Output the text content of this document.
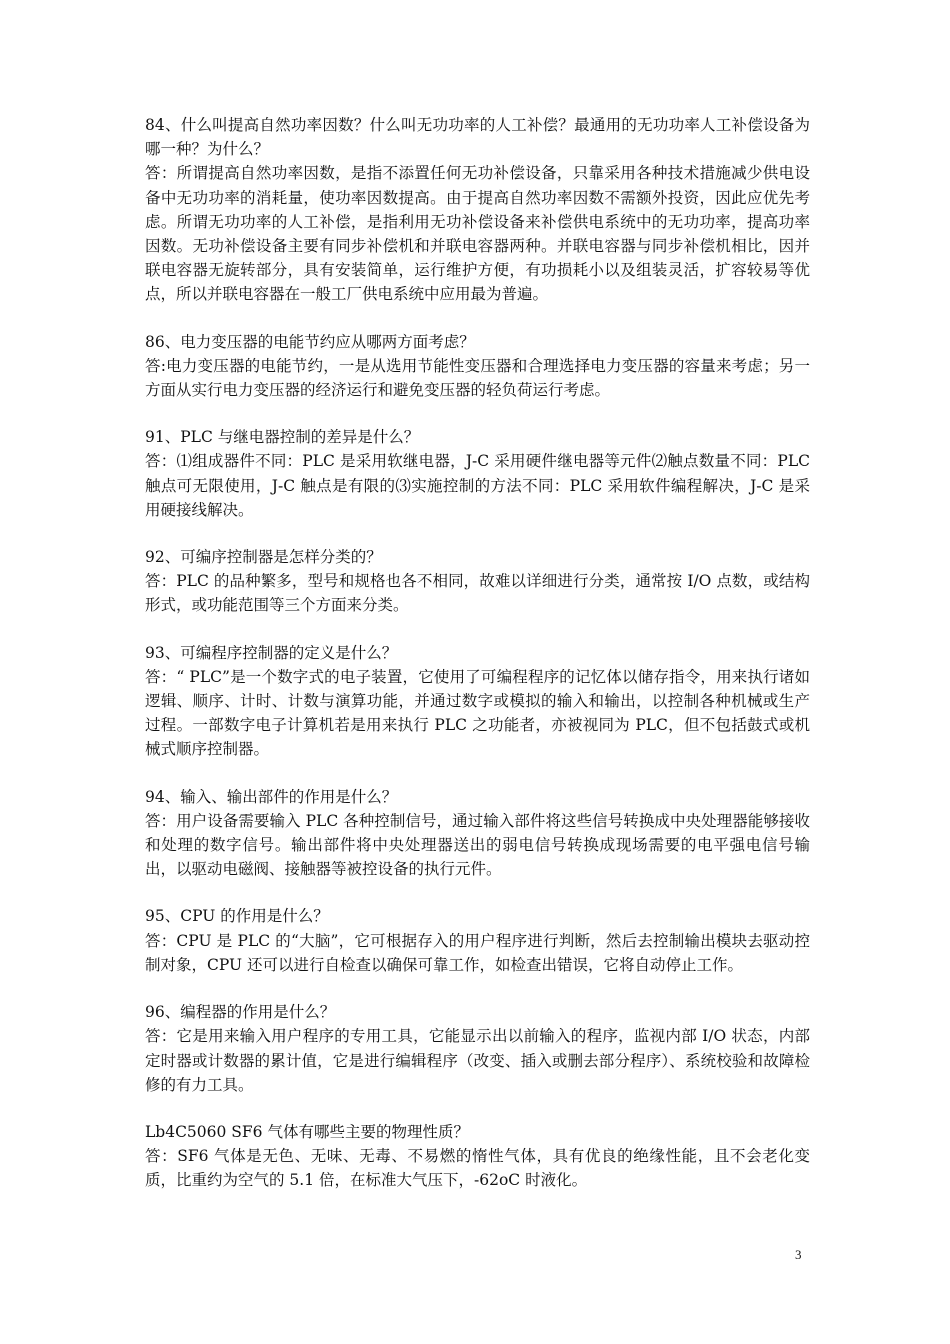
84、什么叫提高自然功率因数？什么叫无功功率的人工补偿？最通用的无功功率人工补偿设备为哪一种？为什么？

答：所谓提高自然功率因数，是指不添置任何无功补偿设备，只靠采用各种技术措施减少供电设备中无功功率的消耗量，使功率因数提高。由于提高自然功率因数不需额外投资，因此应优先考虑。所谓无功功率的人工补偿，是指利用无功补偿设备来补偿供电系统中的无功功率，提高功率因数。无功补偿设备主要有同步补偿机和并联电容器两种。并联电容器与同步补偿机相比，因并联电容器无旋转部分，具有安装简单，运行维护方便，有功损耗小以及组装灵活，扩容较易等优点，所以并联电容器在一般工厂供电系统中应用最为普遍。

86、电力变压器的电能节约应从哪两方面考虑？

答:电力变压器的电能节约，一是从选用节能性变压器和合理选择电力变压器的容量来考虑；另一方面从实行电力变压器的经济运行和避免变压器的轻负荷运行考虑。

91、PLC 与继电器控制的差异是什么？

答：⑴组成器件不同：PLC 是采用软继电器，J-C 采用硬件继电器等元件⑵触点数量不同：PLC 触点可无限使用，J-C 触点是有限的⑶实施控制的方法不同：PLC 采用软件编程解决，J-C 是采用硬接线解决。

92、可编序控制器是怎样分类的？

答：PLC 的品种繁多，型号和规格也各不相同，故难以详细进行分类，通常按 I/O 点数，或结构形式，或功能范围等三个方面来分类。

93、可编程序控制器的定义是什么？

答：“ PLC”是一个数字式的电子装置，它使用了可编程程序的记忆体以储存指令，用来执行诸如逻辑、顺序、计时、计数与演算功能，并通过数字或模拟的输入和输出，以控制各种机械或生产过程。一部数字电子计算机若是用来执行 PLC 之功能者，亦被视同为 PLC，但不包括鼓式或机械式顺序控制器。

94、输入、输出部件的作用是什么？

答：用户设备需要输入 PLC 各种控制信号，通过输入部件将这些信号转换成中央处理器能够接收和处理的数字信号。输出部件将中央处理器送出的弱电信号转换成现场需要的电平强电信号输出，以驱动电磁阀、接触器等被控设备的执行元件。

95、CPU 的作用是什么？

答：CPU 是 PLC 的“大脑”，它可根据存入的用户程序进行判断，然后去控制输出模块去驱动控制对象，CPU 还可以进行自检查以确保可靠工作，如检查出错误，它将自动停止工作。

96、编程器的作用是什么？

答：它是用来输入用户程序的专用工具，它能显示出以前输入的程序，监视内部 I/O 状态，内部定时器或计数器的累计值，它是进行编辑程序（改变、插入或删去部分程序）、系统校验和故障检修的有力工具。

Lb4C5060 SF6 气体有哪些主要的物理性质？

答：SF6 气体是无色、无味、无毒、不易燃的惰性气体，具有优良的绝缘性能，且不会老化变质，比重约为空气的 5.1 倍，在标准大气压下，-62oC 时液化。

3
